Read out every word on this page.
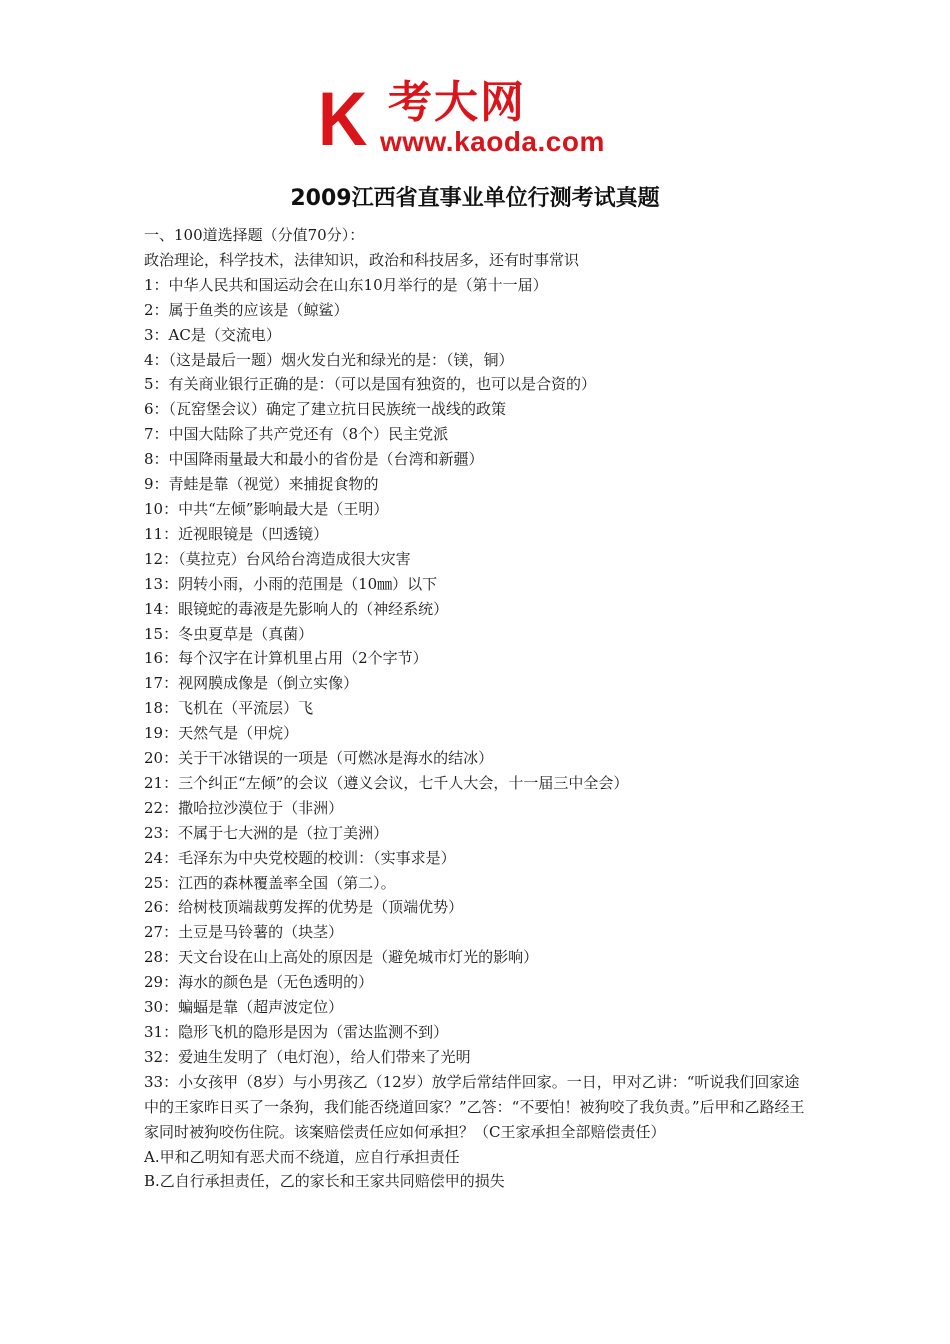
K 考大网
www.kaoda.com
2009江西省直事业单位行测考试真题
一、100道选择题（分值70分）：
政治理论，科学技术，法律知识，政治和科技居多，还有时事常识
1：中华人民共和国运动会在山东10月举行的是（第十一届）
2：属于鱼类的应该是（鲸鲨）
3：AC是（交流电）
4：（这是最后一题）烟火发白光和绿光的是：（镁，铜）
5：有关商业银行正确的是：（可以是国有独资的，也可以是合资的）
6：（瓦窑堡会议）确定了建立抗日民族统一战线的政策
7：中国大陆除了共产党还有（8个）民主党派
8：中国降雨量最大和最小的省份是（台湾和新疆）
9：青蛙是靠（视觉）来捕捉食物的
10：中共“左倾”影响最大是（王明）
11：近视眼镜是（凹透镜）
12：（莫拉克）台风给台湾造成很大灾害
13：阴转小雨，小雨的范围是（10㎜）以下
14：眼镜蛇的毒液是先影响人的（神经系统）
15：冬虫夏草是（真菌）
16：每个汉字在计算机里占用（2个字节）
17：视网膜成像是（倒立实像）
18：飞机在（平流层）飞
19：天然气是（甲烷）
20：关于干冰错误的一项是（可燃冰是海水的结冰）
21：三个纠正“左倾”的会议（遵义会议，七千人大会，十一届三中全会）
22：撒哈拉沙漠位于（非洲）
23：不属于七大洲的是（拉丁美洲）
24：毛泽东为中央党校题的校训：（实事求是）
25：江西的森林覆盖率全国（第二）。
26：给树枝顶端裁剪发挥的优势是（顶端优势）
27：土豆是马铃薯的（块茎）
28：天文台设在山上高处的原因是（避免城市灯光的影响）
29：海水的颜色是（无色透明的）
30：蝙蝠是靠（超声波定位）
31：隐形飞机的隐形是因为（雷达监测不到）
32：爱迪生发明了（电灯泡），给人们带来了光明
33：小女孩甲（8岁）与小男孩乙（12岁）放学后常结伴回家。一日，甲对乙讲：“听说我们回家途中的王家昨日买了一条狗，我们能否绕道回家？”乙答：“不要怕！被狗咬了我负责。”后甲和乙路经王家同时被狗咬伤住院。该案赔偿责任应如何承担？（C王家承担全部赔偿责任）
A.甲和乙明知有恶犬而不绕道，应自行承担责任
B.乙自行承担责任，乙的家长和王家共同赔偿甲的损失
